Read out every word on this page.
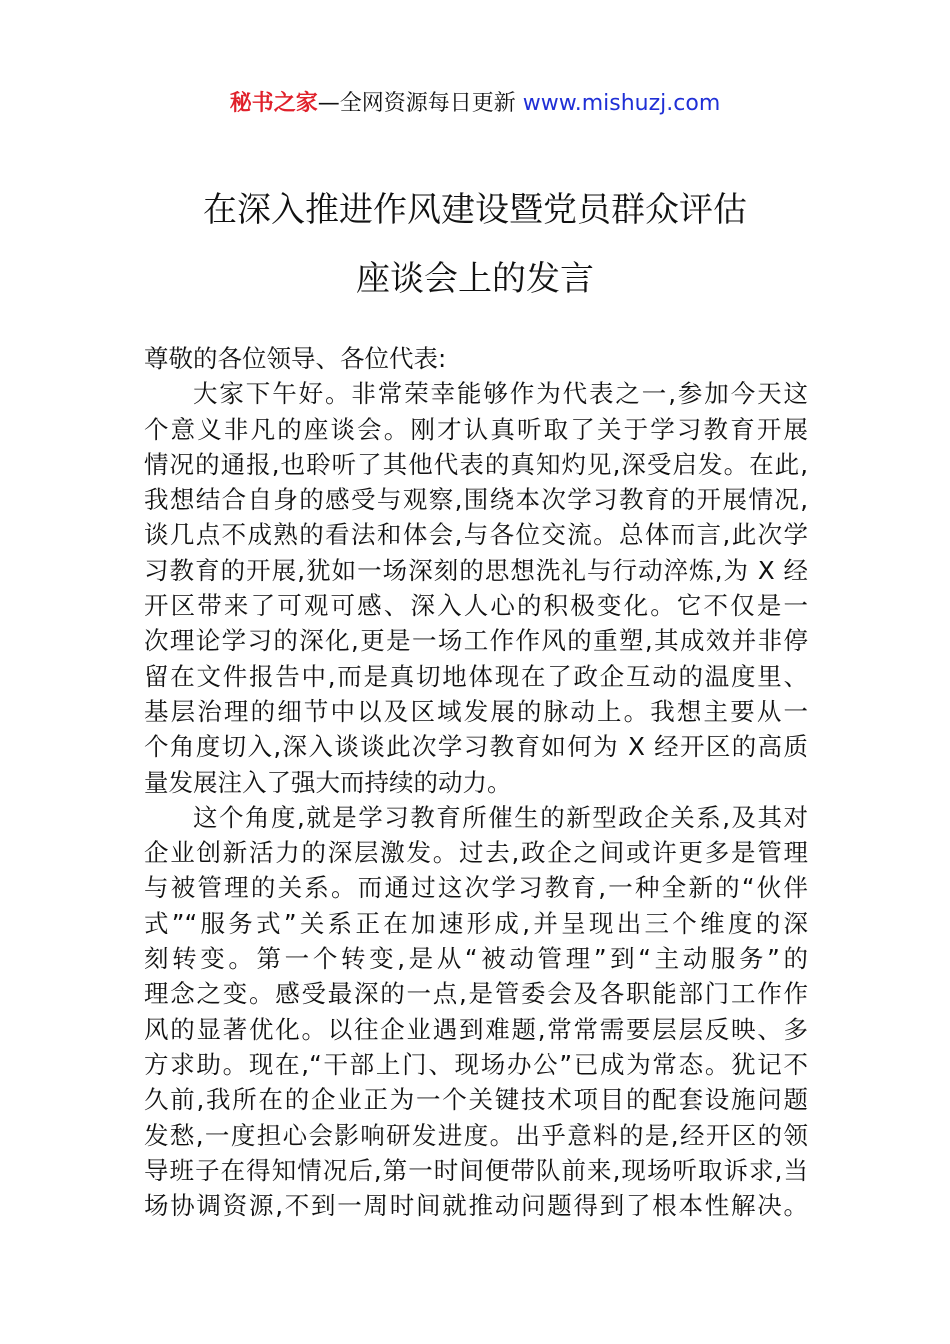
秘书之家—全网资源每日更新 www.mishuzj.com
在深入推进作风建设暨党员群众评估
座谈会上的发言
尊敬的各位领导、各位代表:
大家下午好。非常荣幸能够作为代表之一,参加今天这
个意义非凡的座谈会。刚才认真听取了关于学习教育开展
情况的通报,也聆听了其他代表的真知灼见,深受启发。在此,
我想结合自身的感受与观察,围绕本次学习教育的开展情况,
谈几点不成熟的看法和体会,与各位交流。总体而言,此次学
习教育的开展,犹如一场深刻的思想洗礼与行动淬炼,为 X 经
开区带来了可观可感、深入人心的积极变化。它不仅是一
次理论学习的深化,更是一场工作作风的重塑,其成效并非停
留在文件报告中,而是真切地体现在了政企互动的温度里、
基层治理的细节中以及区域发展的脉动上。我想主要从一
个角度切入,深入谈谈此次学习教育如何为 X 经开区的高质
量发展注入了强大而持续的动力。
这个角度,就是学习教育所催生的新型政企关系,及其对
企业创新活力的深层激发。过去,政企之间或许更多是管理
与被管理的关系。而通过这次学习教育,一种全新的“伙伴
式”“服务式”关系正在加速形成,并呈现出三个维度的深
刻转变。第一个转变,是从“被动管理”到“主动服务”的
理念之变。感受最深的一点,是管委会及各职能部门工作作
风的显著优化。以往企业遇到难题,常常需要层层反映、多
方求助。现在,“干部上门、现场办公”已成为常态。犹记不
久前,我所在的企业正为一个关键技术项目的配套设施问题
发愁,一度担心会影响研发进度。出乎意料的是,经开区的领
导班子在得知情况后,第一时间便带队前来,现场听取诉求,当
场协调资源,不到一周时间就推动问题得到了根本性解决。
